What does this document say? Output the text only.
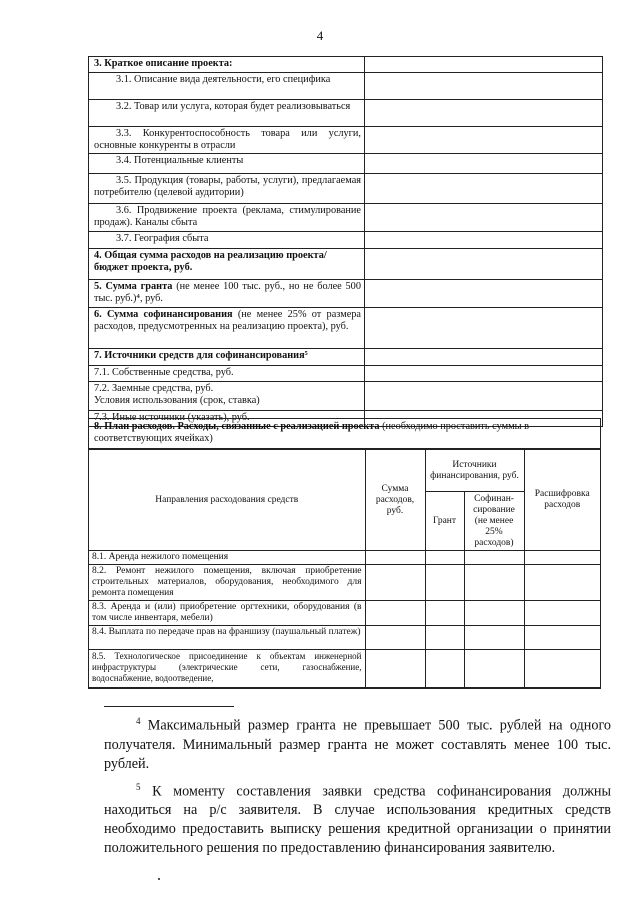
4
3. Краткое описание проекта:
3.1. Описание вида деятельности, его специфика
3.2. Товар или услуга, которая будет реализовываться
3.3. Конкурентоспособность товара или услуги, основные конкуренты в отрасли
3.4. Потенциальные клиенты
3.5. Продукция (товары, работы, услуги), предлагаемая потребителю (целевой аудитории)
3.6. Продвижение проекта (реклама, стимулирование продаж). Каналы сбыта
3.7. География сбыта
4. Общая сумма расходов на реализацию проекта/бюджет проекта, руб.
5. Сумма гранта (не менее 100 тыс. руб., но не более 500 тыс. руб.)⁴, руб.
6. Сумма софинансирования (не менее 25% от размера расходов, предусмотренных на реализацию проекта), руб.
7. Источники средств для софинансирования⁵
7.1. Собственные средства, руб.
7.2. Заемные средства, руб.
Условия использования (срок, ставка)
7.3. Иные источники (указать), руб.
8. План расходов. Расходы, связанные с реализацией проекта (необходимо проставить суммы в соответствующих ячейках)
Направления расходования средств	Сумма расходов, руб.	Источники финансирования, руб.		Расшифровка расходов
		Грант	Софинан-сирование (не менее 25% расходов)	
8.1. Аренда нежилого помещения				
8.2. Ремонт нежилого помещения, включая приобретение строительных материалов, оборудования, необходимого для ремонта помещения				
8.3. Аренда и (или) приобретение оргтехники, оборудования (в том числе инвентаря, мебели)				
8.4. Выплата по передаче прав на франшизу (паушальный платеж)				
8.5. Технологическое присоединение к объектам инженерной инфраструктуры (электрические сети, газоснабжение, водоснабжение, водоотведение,				

$^4$ Максимальный размер гранта не превышает 500 тыс. рублей на одного получателя. Минимальный размер гранта не может составлять менее 100 тыс. рублей.

$^5$ К моменту составления заявки средства софинансирования должны находиться на р/с заявителя. В случае использования кредитных средств необходимо предоставить выписку решения кредитной организации о принятии положительного решения по предоставлению финансирования заявителю.
